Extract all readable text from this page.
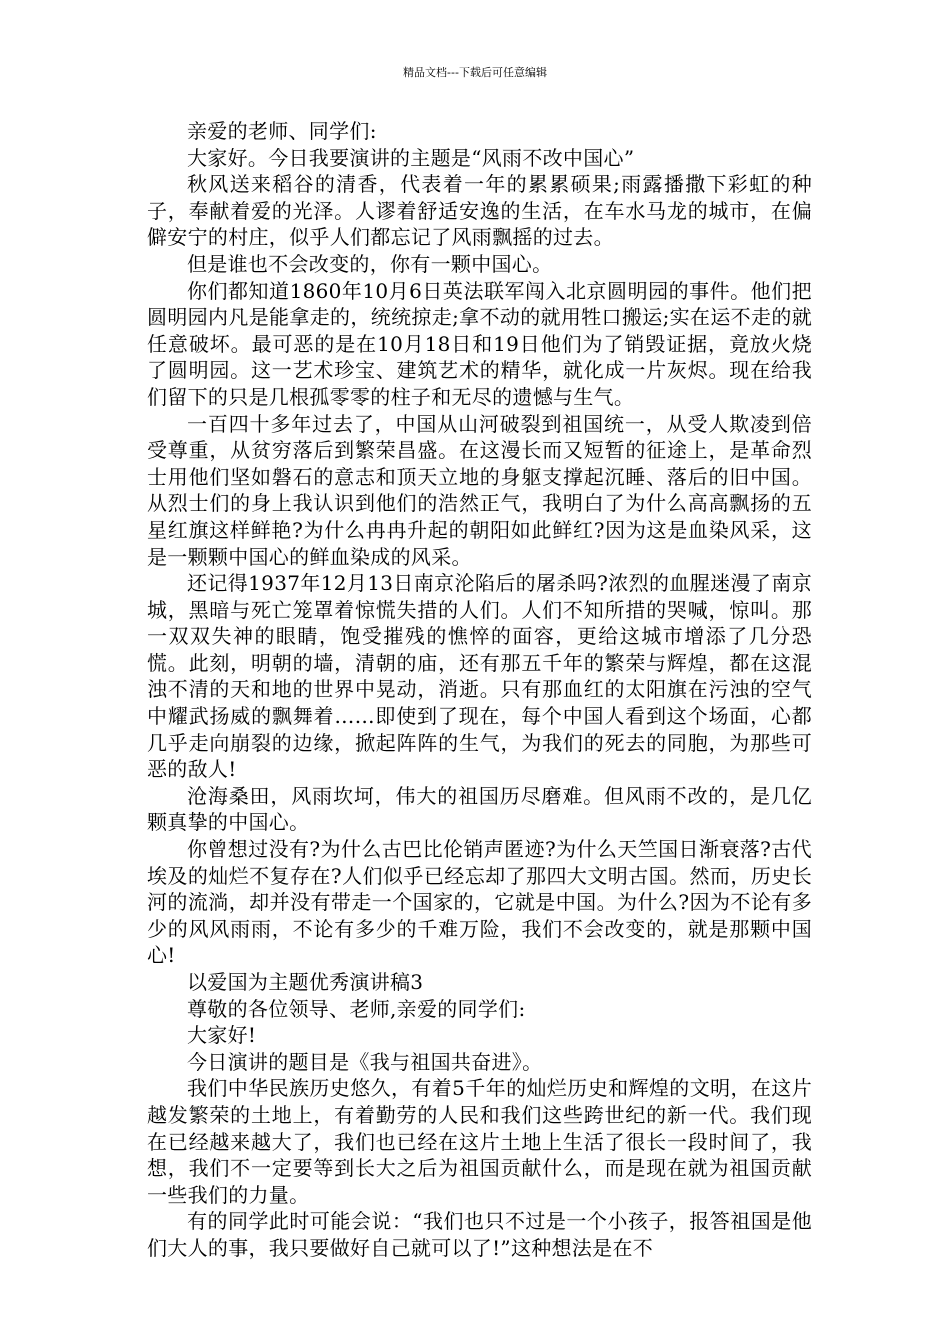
精品文档---下载后可任意编辑

亲爱的老师、同学们:

大家好。今日我要演讲的主题是“风雨不改中国心”

秋风送来稻谷的清香，代表着一年的累累硕果;雨露播撒下彩虹的种子，奉献着爱的光泽。人谬着舒适安逸的生活，在车水马龙的城市，在偏僻安宁的村庄，似乎人们都忘记了风雨飘摇的过去。

但是谁也不会改变的，你有一颗中国心。

你们都知道1860年10月6日英法联军闯入北京圆明园的事件。他们把圆明园内凡是能拿走的，统统掠走;拿不动的就用牲口搬运;实在运不走的就任意破坏。最可恶的是在10月18日和19日他们为了销毁证据，竟放火烧了圆明园。这一艺术珍宝、建筑艺术的精华，就化成一片灰烬。现在给我们留下的只是几根孤零零的柱子和无尽的遗憾与生气。

一百四十多年过去了，中国从山河破裂到祖国统一，从受人欺凌到倍受尊重，从贫穷落后到繁荣昌盛。在这漫长而又短暂的征途上，是革命烈士用他们坚如磐石的意志和顶天立地的身躯支撑起沉睡、落后的旧中国。从烈士们的身上我认识到他们的浩然正气，我明白了为什么高高飘扬的五星红旗这样鲜艳?为什么冉冉升起的朝阳如此鲜红?因为这是血染风采，这是一颗颗中国心的鲜血染成的风采。

还记得1937年12月13日南京沦陷后的屠杀吗?浓烈的血腥迷漫了南京城，黑暗与死亡笼罩着惊慌失措的人们。人们不知所措的哭喊，惊叫。那一双双失神的眼睛，饱受摧残的憔悴的面容，更给这城市增添了几分恐慌。此刻，明朝的墙，清朝的庙，还有那五千年的繁荣与辉煌，都在这混浊不清的天和地的世界中晃动，消逝。只有那血红的太阳旗在污浊的空气中耀武扬威的飘舞着……即使到了现在，每个中国人看到这个场面，心都几乎走向崩裂的边缘，掀起阵阵的生气，为我们的死去的同胞，为那些可恶的敌人!

沧海桑田，风雨坎坷，伟大的祖国历尽磨难。但风雨不改的，是几亿颗真挚的中国心。

你曾想过没有?为什么古巴比伦销声匿迹?为什么天竺国日渐衰落?古代埃及的灿烂不复存在?人们似乎已经忘却了那四大文明古国。然而，历史长河的流淌，却并没有带走一个国家的，它就是中国。为什么?因为不论有多少的风风雨雨，不论有多少的千难万险，我们不会改变的，就是那颗中国心!

以爱国为主题优秀演讲稿3

尊敬的各位领导、老师,亲爱的同学们:

大家好!

今日演讲的题目是《我与祖国共奋进》。

我们中华民族历史悠久，有着5千年的灿烂历史和辉煌的文明，在这片越发繁荣的土地上，有着勤劳的人民和我们这些跨世纪的新一代。我们现在已经越来越大了，我们也已经在这片土地上生活了很长一段时间了，我想，我们不一定要等到长大之后为祖国贡献什么，而是现在就为祖国贡献一些我们的力量。

有的同学此时可能会说：“我们也只不过是一个小孩子，报答祖国是他们大人的事，我只要做好自己就可以了!”这种想法是在不
